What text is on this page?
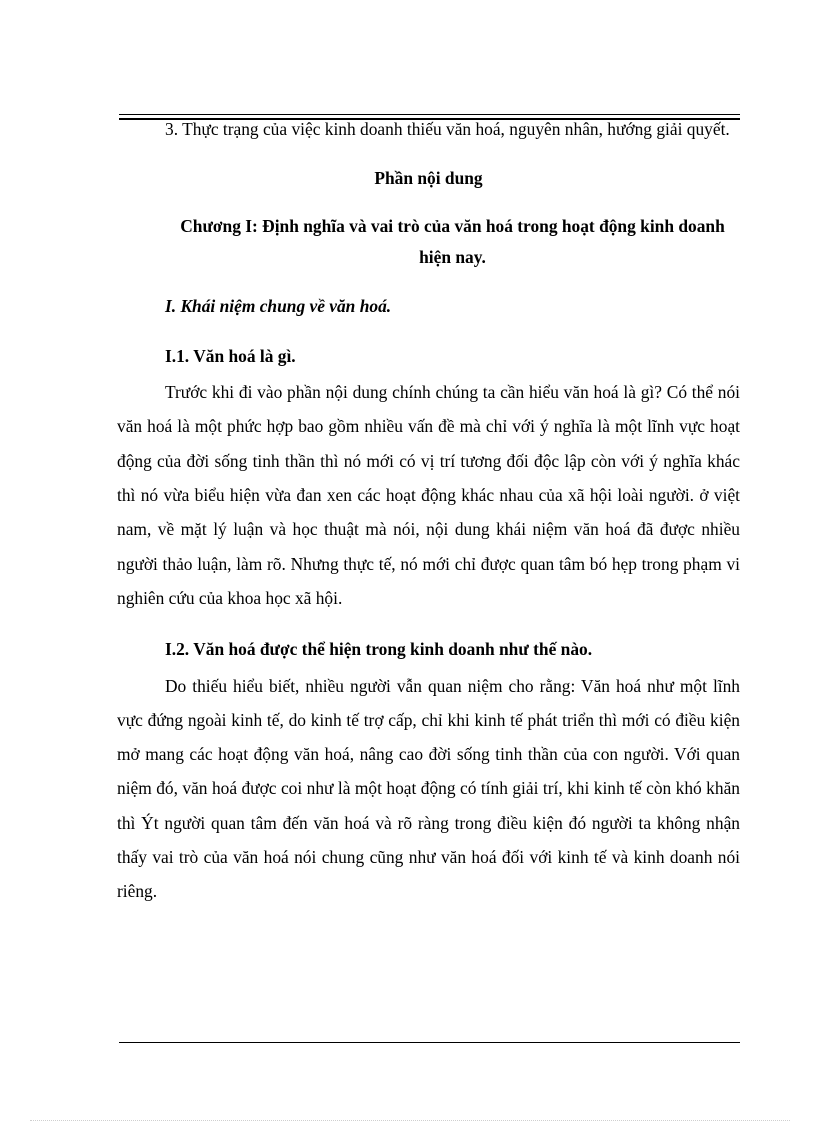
3. Thực trạng của việc kinh doanh thiếu văn hoá, nguyên nhân, hướng giải quyết.

Phần nội dung

Chương I: Định nghĩa và vai trò của văn hoá trong hoạt động kinh doanh hiện nay.

I. Khái niệm chung về văn hoá.

I.1. Văn hoá là gì.

Trước khi đi vào phần nội dung chính chúng ta cần hiểu văn hoá là gì? Có thể nói văn hoá là một phức hợp bao gồm nhiều vấn đề mà chỉ với ý nghĩa là một lĩnh vực hoạt động của đời sống tinh thần thì nó mới có vị trí tương đối độc lập còn với ý nghĩa khác thì nó vừa biểu hiện vừa đan xen các hoạt động khác nhau của xã hội loài người. ở việt nam, về mặt lý luận và học thuật mà nói, nội dung khái niệm văn hoá đã được nhiều người thảo luận, làm rõ. Nhưng thực tế, nó mới chỉ được quan tâm bó hẹp trong phạm vi nghiên cứu của khoa học xã hội.

I.2. Văn hoá được thể hiện trong kinh doanh như thế nào.

Do thiếu hiểu biết, nhiều người vẫn quan niệm cho rằng: Văn hoá như một lĩnh vực đứng ngoài kinh tế, do kinh tế trợ cấp, chỉ khi kinh tế phát triển thì mới có điều kiện mở mang các hoạt động văn hoá, nâng cao đời sống tinh thần của con người. Với quan niệm đó, văn hoá được coi như là một hoạt động có tính giải trí, khi kinh tế còn khó khăn thì Ýt người quan tâm đến văn hoá và rõ ràng trong điều kiện đó người ta không nhận thấy vai trò của văn hoá nói chung cũng như văn hoá đối với kinh tế và kinh doanh nói riêng.
